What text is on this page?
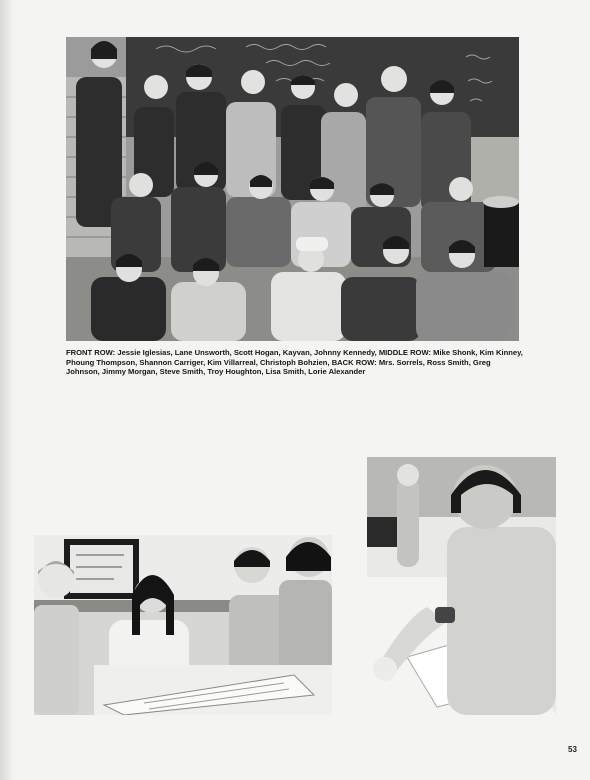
FRONT ROW: Jessie Iglesias, Lane Unsworth, Scott Hogan, Kayvan, Johnny Kennedy, MIDDLE ROW: Mike Shonk, Kim Kinney, Phoung Thompson, Shannon Carriger, Kim Villarreal, Christoph Bohzien, BACK ROW: Mrs. Sorrels, Ross Smith, Greg Johnson, Jimmy Morgan, Steve Smith, Troy Houghton, Lisa Smith, Lorie Alexander
53
